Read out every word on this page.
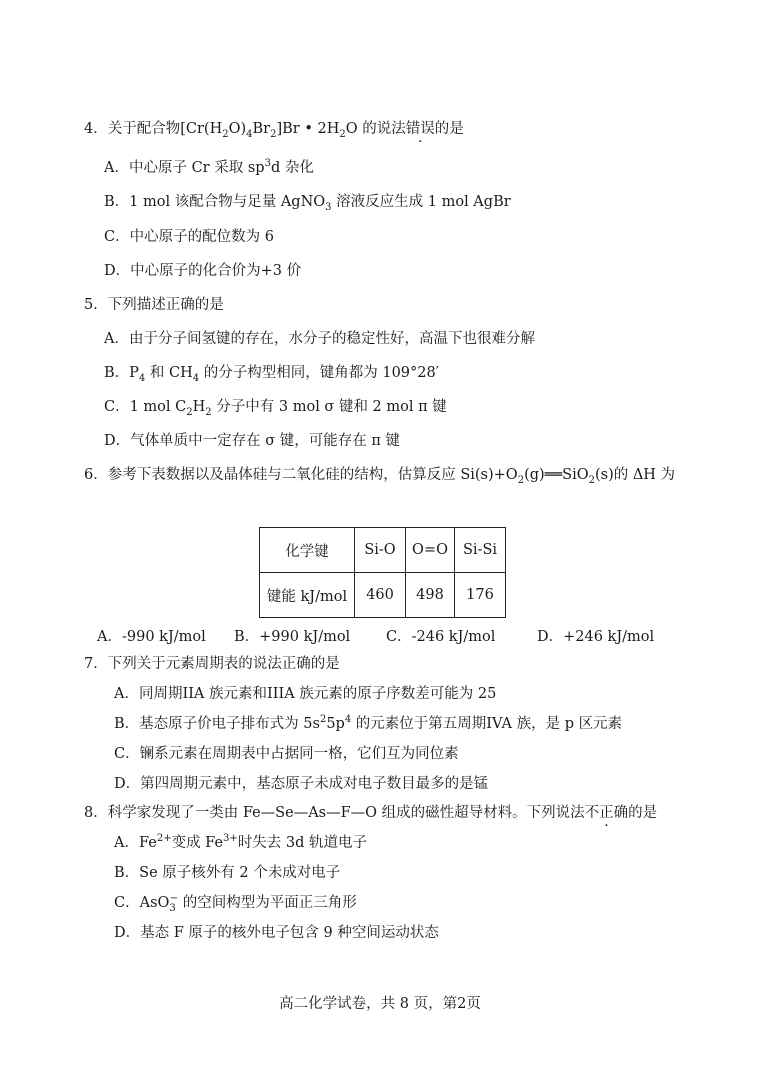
4．关于配合物$[Cr(H_2O)_4Br_2]Br$ • $2H_2O$ 的说法错误的是
A．中心原子 Cr 采取 $sp^3d$ 杂化
B．1 mol 该配合物与足量 AgNO$_3$ 溶液反应生成 1 mol AgBr
C．中心原子的配位数为 6
D．中心原子的化合价为+3 价
5．下列描述正确的是
A．由于分子间氢键的存在，水分子的稳定性好，高温下也很难分解
B．$P_4$ 和 $CH_4$ 的分子构型相同，键角都为 109°28′
C．1 mol $C_2H_2$ 分子中有 3 mol σ 键和 2 mol π 键
D．气体单质中一定存在 σ 键，可能存在 π 键
6．参考下表数据以及晶体硅与二氧化硅的结构，估算反应 $Si(s)+O_2(g)══SiO_2(s)$的 ΔH 为
化学键	Si-O	O=O	Si-Si
键能 kJ/mol	460	498	176
A．-990 kJ/mol B．+990 kJ/mol C．-246 kJ/mol	D．+246 kJ/mol
7．下列关于元素周期表的说法正确的是
A．同周期IIA 族元素和IIIA 族元素的原子序数差可能为 25
B．基态原子价电子排布式为 $5s^25p^4$ 的元素位于第五周期IVA 族，是 p 区元素
C．镧系元素在周期表中占据同一格，它们互为同位素
D．第四周期元素中，基态原子未成对电子数目最多的是锰
8．科学家发现了一类由 Fe—Se—As—F—O 组成的磁性超导材料。下列说法不正确的是
A．$Fe^{2+}$变成 $Fe^{3+}$时失去 3d 轨道电子
B．Se 原子核外有 2 个未成对电子
C．AsO$_3$− 的空间构型为平面正三角形
D．基态 F 原子的核外电子包含 9 种空间运动状态
高二化学试卷，共 8 页，第2页
